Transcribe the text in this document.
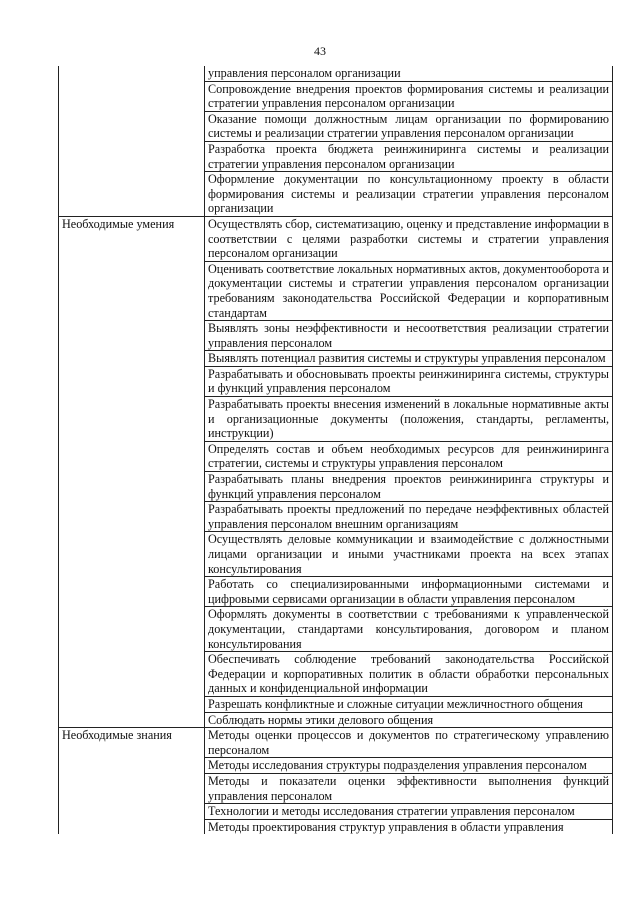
43
	управления персоналом организации
	Сопровождение внедрения проектов формирования системы и реализации стратегии управления персоналом организации
	Оказание помощи должностным лицам организации по формированию системы и реализации стратегии управления персоналом организации
	Разработка проекта бюджета реинжиниринга системы и реализации стратегии управления персоналом организации
	Оформление документации по консультационному проекту в области формирования системы и реализации стратегии управления персоналом организации

Необходимые умения	Осуществлять сбор, систематизацию, оценку и представление информации в соответствии с целями разработки системы и стратегии управления персоналом организации
	Оценивать соответствие локальных нормативных актов, документооборота и документации системы и стратегии управления персоналом организации требованиям законодательства Российской Федерации и корпоративным стандартам
	Выявлять зоны неэффективности и несоответствия реализации стратегии управления персоналом
	Выявлять потенциал развития системы и структуры управления персоналом
	Разрабатывать и обосновывать проекты реинжиниринга системы, структуры и функций управления персоналом
	Разрабатывать проекты внесения изменений в локальные нормативные акты и организационные документы (положения, стандарты, регламенты, инструкции)
	Определять состав и объем необходимых ресурсов для реинжиниринга стратегии, системы и структуры управления персоналом
	Разрабатывать планы внедрения проектов реинжиниринга структуры и функций управления персоналом
	Разрабатывать проекты предложений по передаче неэффективных областей управления персоналом внешним организациям
	Осуществлять деловые коммуникации и взаимодействие с должностными лицами организации и иными участниками проекта на всех этапах консультирования
	Работать со специализированными информационными системами и цифровыми сервисами организации в области управления персоналом
	Оформлять документы в соответствии с требованиями к управленческой документации, стандартами консультирования, договором и планом консультирования
	Обеспечивать соблюдение требований законодательства Российской Федерации и корпоративных политик в области обработки персональных данных и конфиденциальной информации
	Разрешать конфликтные и сложные ситуации межличностного общения
	Соблюдать нормы этики делового общения

Необходимые знания	Методы оценки процессов и документов по стратегическому управлению персоналом
	Методы исследования структуры подразделения управления персоналом
	Методы и показатели оценки эффективности выполнения функций управления персоналом
	Технологии и методы исследования стратегии управления персоналом
	Методы проектирования структур управления в области управления
